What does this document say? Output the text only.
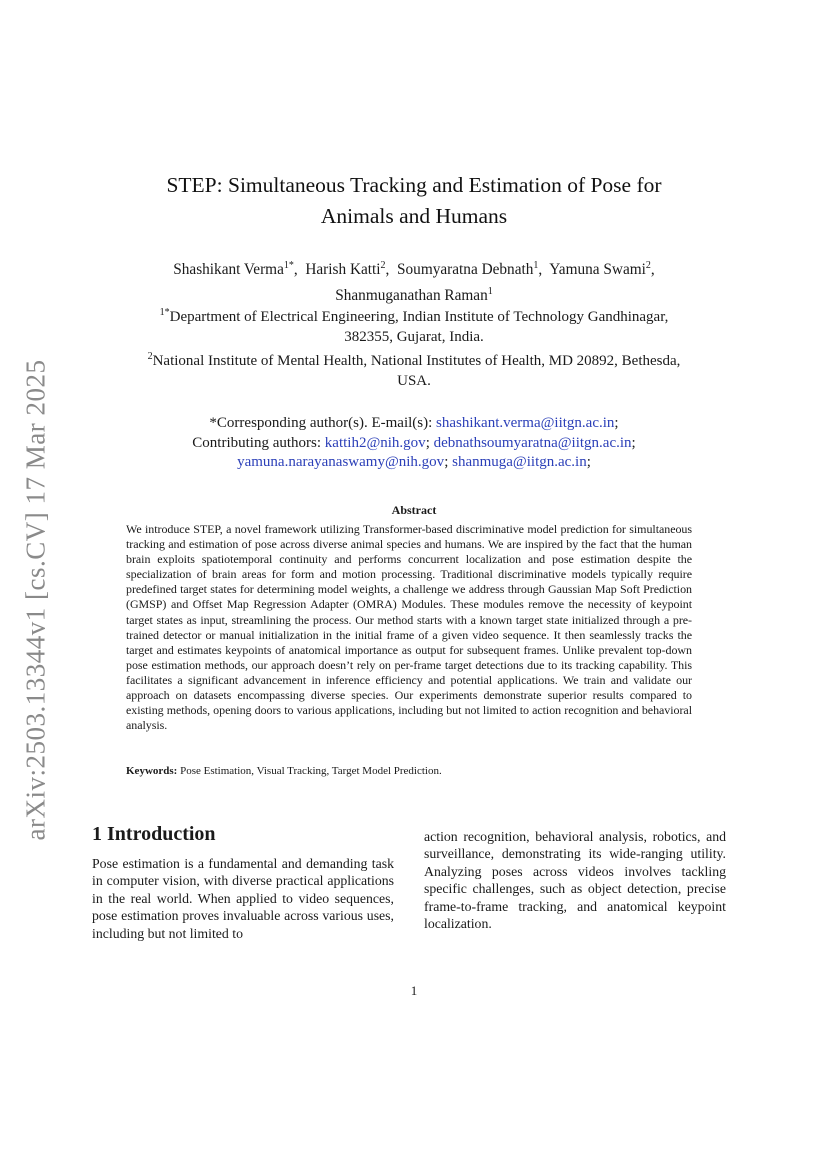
arXiv:2503.13344v1 [cs.CV] 17 Mar 2025
STEP: Simultaneous Tracking and Estimation of Pose for
Animals and Humans
Shashikant Verma$^{1*}$,  Harish Katti$^2$,  Soumyaratna Debnath$^1$,  Yamuna Swami$^2$,
Shanmuganathan Raman$^1$
$^{1*}$Department of Electrical Engineering, Indian Institute of Technology Gandhinagar,
382355, Gujarat, India.
$^2$National Institute of Mental Health, National Institutes of Health, MD 20892, Bethesda,
USA.
*Corresponding author(s). E-mail(s): shashikant.verma@iitgn.ac.in;
Contributing authors: kattih2@nih.gov; debnathsoumyaratna@iitgn.ac.in;
yamuna.narayanaswamy@nih.gov; shanmuga@iitgn.ac.in;
Abstract
We introduce STEP, a novel framework utilizing Transformer-based discriminative model prediction for simultaneous tracking and estimation of pose across diverse animal species and humans. We are inspired by the fact that the human brain exploits spatiotemporal continuity and performs concurrent localization and pose estimation despite the specialization of brain areas for form and motion processing. Traditional discriminative models typically require predefined target states for determining model weights, a challenge we address through Gaussian Map Soft Prediction (GMSP) and Offset Map Regression Adapter (OMRA) Modules. These modules remove the necessity of keypoint target states as input, streamlining the process. Our method starts with a known target state initialized through a pre-trained detector or manual initialization in the initial frame of a given video sequence. It then seamlessly tracks the target and estimates keypoints of anatomical importance as output for subsequent frames. Unlike prevalent top-down pose estimation methods, our approach doesn’t rely on per-frame target detections due to its tracking capability. This facilitates a significant advancement in inference efficiency and potential applications. We train and validate our approach on datasets encompassing diverse species. Our experiments demonstrate superior results compared to existing methods, opening doors to various applications, including but not limited to action recognition and behavioral analysis.
Keywords: Pose Estimation, Visual Tracking, Target Model Prediction.
1 Introduction
Pose estimation is a fundamental and demanding task in computer vision, with diverse practical applications in the real world. When applied to video sequences, pose estimation proves invaluable across various uses, including but not limited to
action recognition, behavioral analysis, robotics, and surveillance, demonstrating its wide-ranging utility. Analyzing poses across videos involves tackling specific challenges, such as object detection, precise frame-to-frame tracking, and anatomical keypoint localization.
1
